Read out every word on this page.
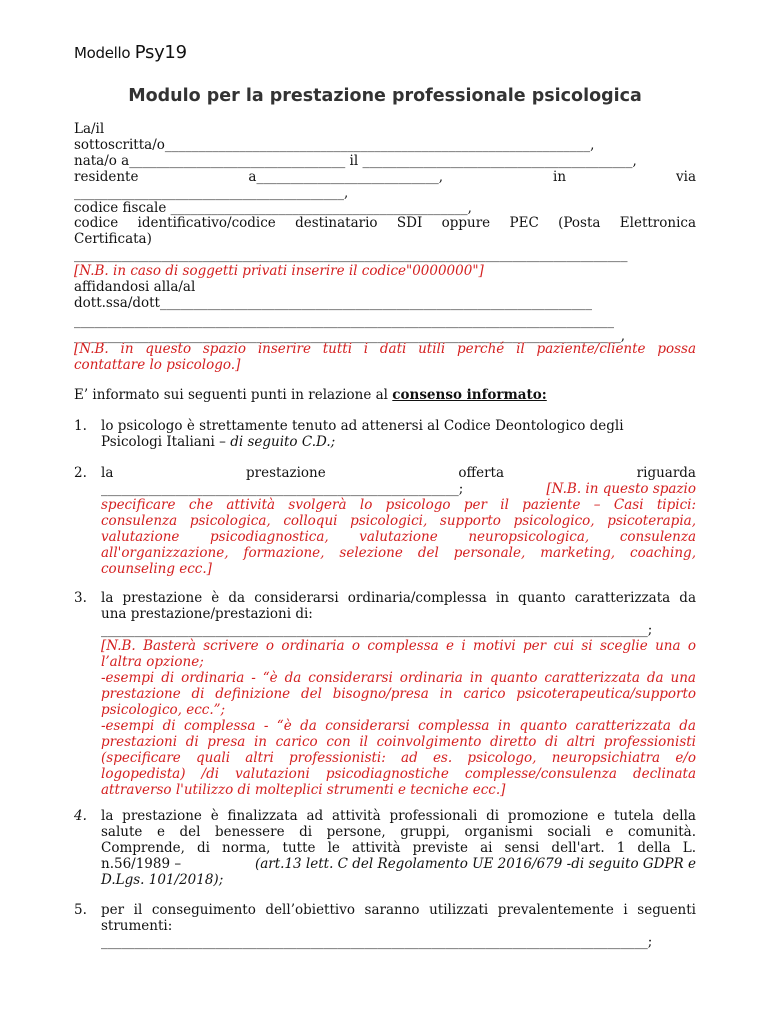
Modello Psy19
Modulo per la prestazione professionale psicologica
La/il
sottoscritta/o_______________________________________________________________,
nata/o a________________________________ il ________________________________________,
residente	a___________________________,	in	via
________________________________________,
codice fiscale ____________________________________________,
codice identificativo/codice destinatario SDI oppure PEC (Posta Elettronica
Certificata)
__________________________________________________________________________________
[N.B. in caso di soggetti privati inserire il codice"0000000"]
affidandosi alla/al
dott.ssa/dott________________________________________________________________
________________________________________________________________________________
_________________________________________________________________________________,
[N.B. in questo spazio inserire tutti i dati utili perché il paziente/cliente possa
contattare lo psicologo.]
E’ informato sui seguenti punti in relazione al consenso informato:
1. lo psicologo è strettamente tenuto ad attenersi al Codice Deontologico degli
Psicologi Italiani – di seguito C.D.;
2. la	prestazione	offerta	riguarda
_____________________________________________________;	[N.B. in questo spazio
specificare che attività svolgerà lo psicologo per il paziente – Casi tipici:
consulenza psicologica, colloqui psicologici, supporto psicologico, psicoterapia,
valutazione psicodiagnostica, valutazione neuropsicologica, consulenza
all'organizzazione, formazione, selezione del personale, marketing, coaching,
counseling ecc.]
3. la prestazione è da considerarsi ordinaria/complessa in quanto caratterizzata da
una prestazione/prestazioni di:
_________________________________________________________________________________;
[N.B. Basterà scrivere o ordinaria o complessa e i motivi per cui si sceglie una o
l’altra opzione;
-esempi di ordinaria - “è da considerarsi ordinaria in quanto caratterizzata da una
prestazione di definizione del bisogno/presa in carico psicoterapeutica/supporto
psicologico, ecc.”;
-esempi di complessa - “è da considerarsi complessa in quanto caratterizzata da
prestazioni di presa in carico con il coinvolgimento diretto di altri professionisti
(specificare quali altri professionisti: ad es. psicologo, neuropsichiatra e/o
logopedista) /di valutazioni psicodiagnostiche complesse/consulenza declinata
attraverso l'utilizzo di molteplici strumenti e tecniche ecc.]
4. la prestazione è finalizzata ad attività professionali di promozione e tutela della
salute e del benessere di persone, gruppi, organismi sociali e comunità.
Comprende, di norma, tutte le attività previste ai sensi dell'art. 1 della L.
n.56/1989 –	(art.13 lett. C del Regolamento UE 2016/679 -di seguito GDPR e
D.Lgs. 101/2018);
5. per il conseguimento dell’obiettivo saranno utilizzati prevalentemente i seguenti
strumenti:
_________________________________________________________________________________;
